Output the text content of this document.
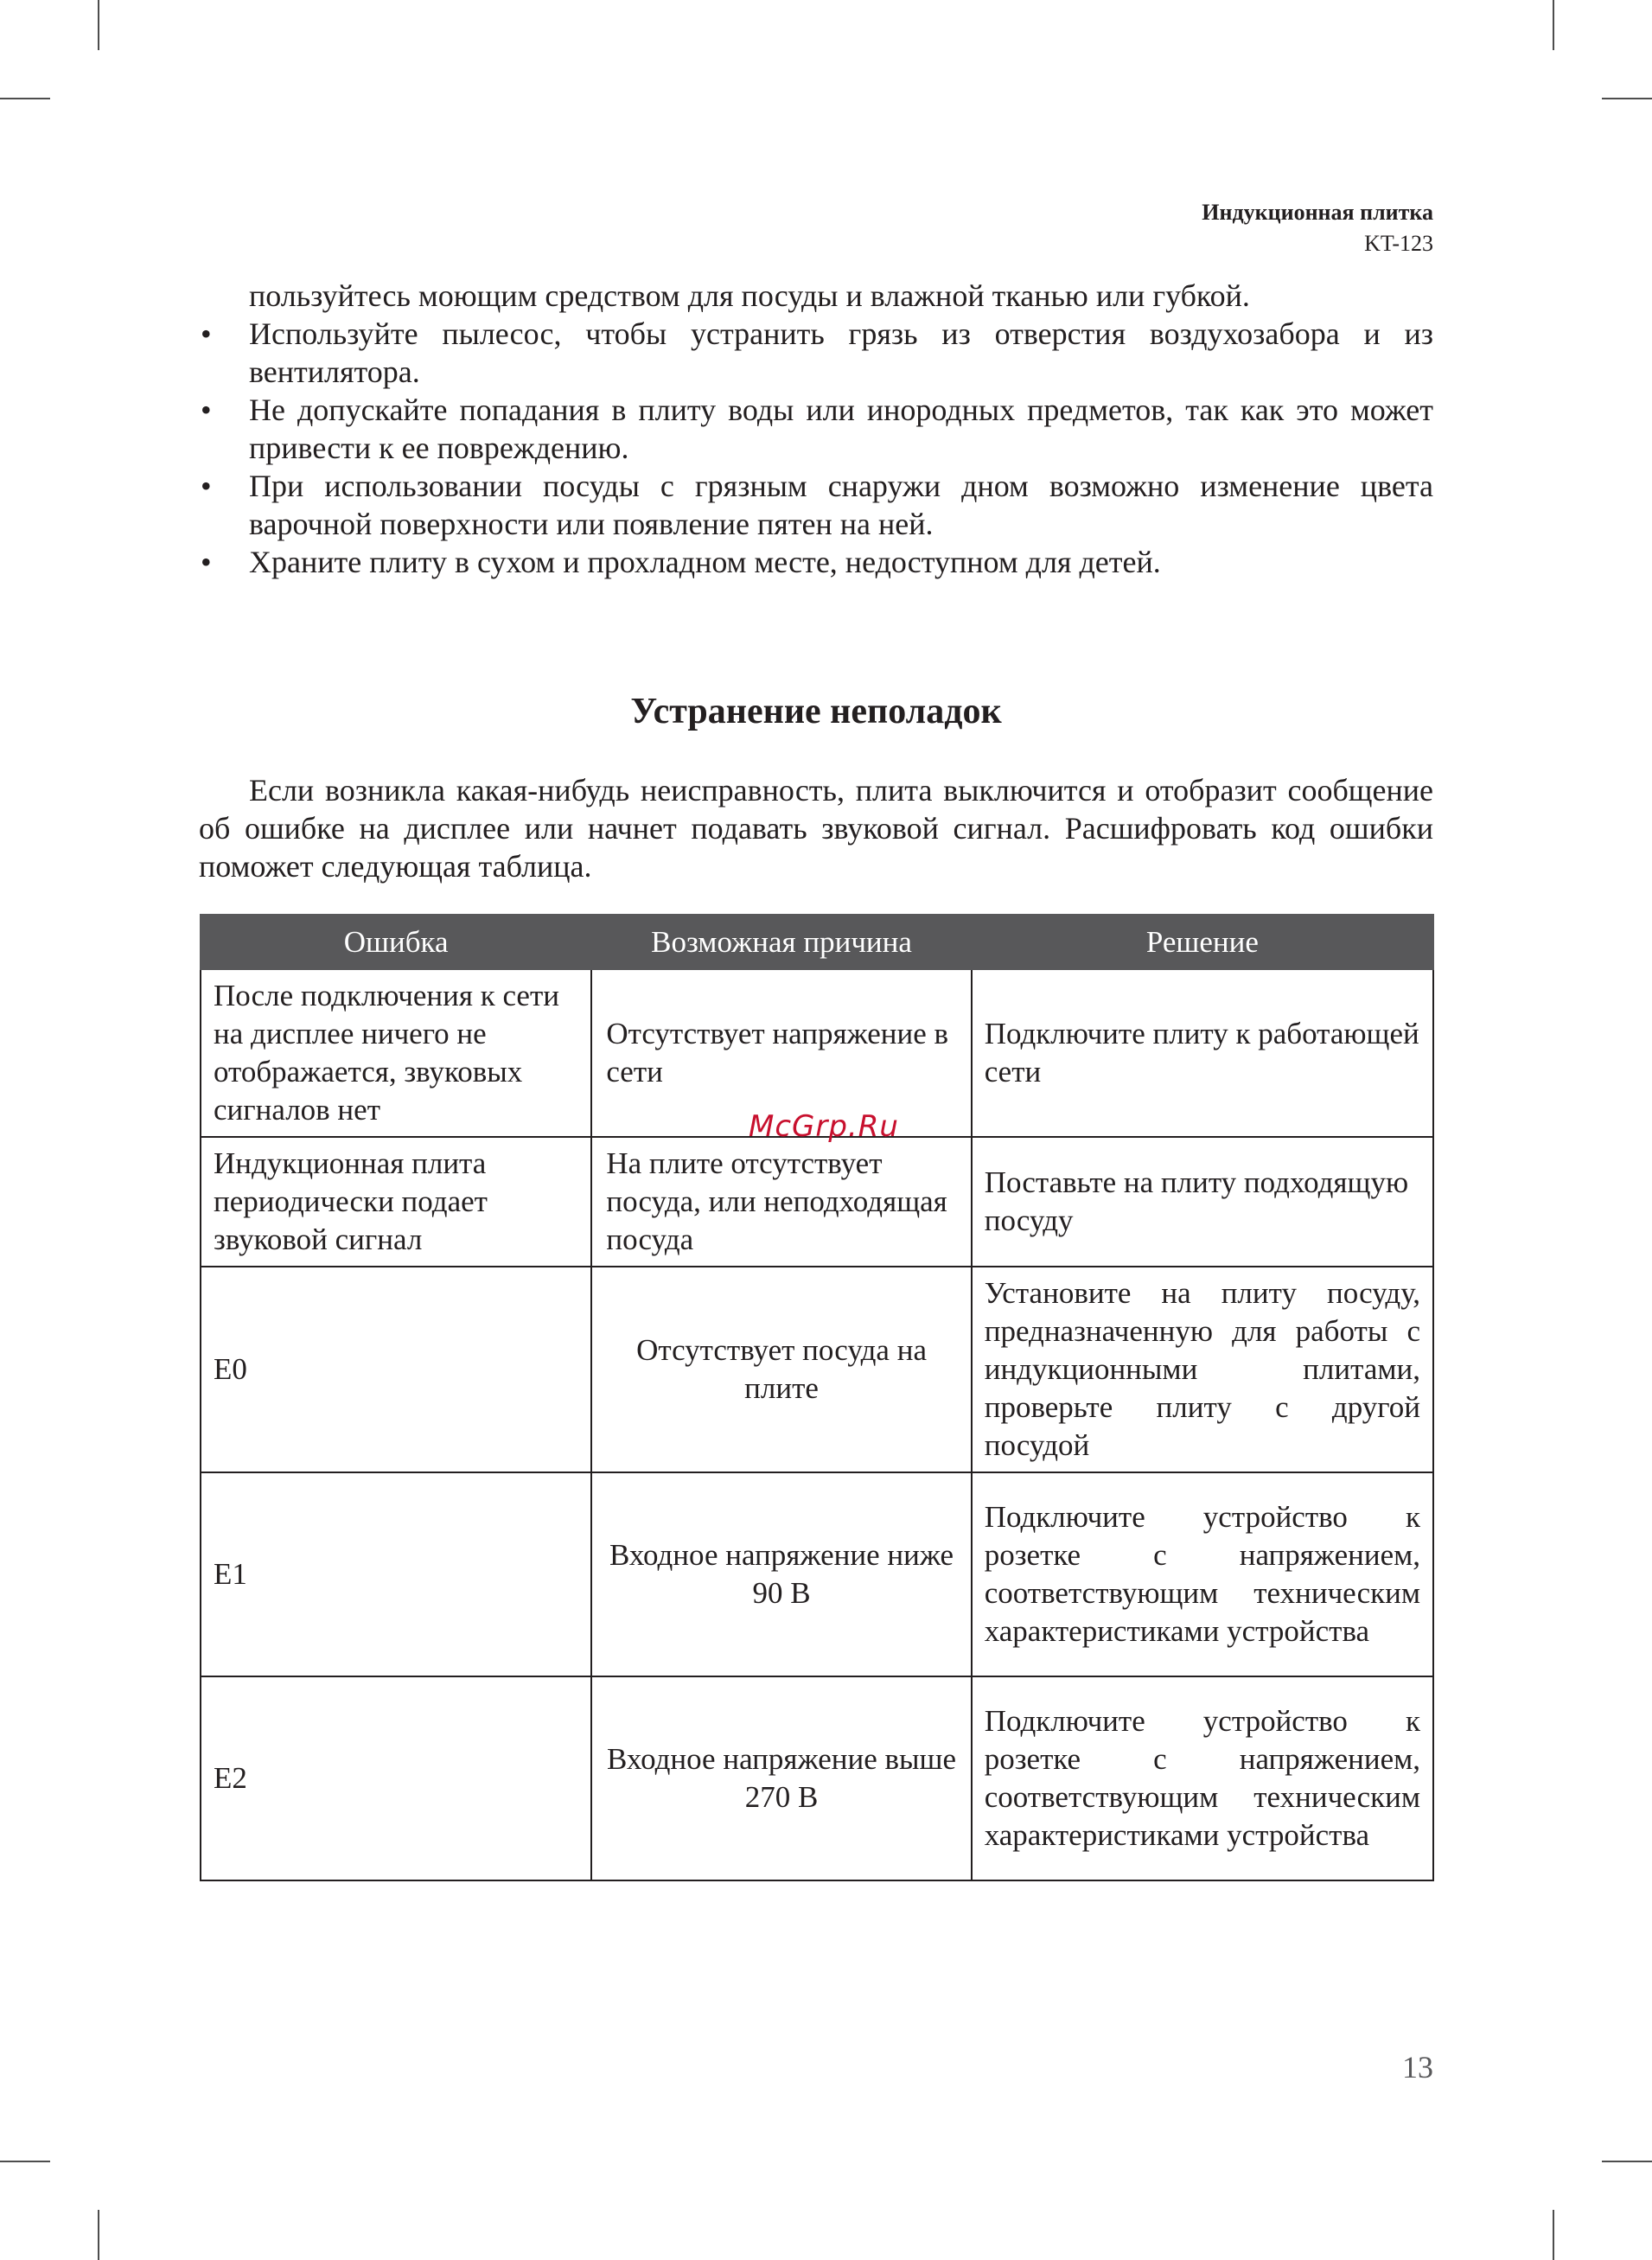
Индукционная плитка
KT-123
пользуйтесь моющим средством для посуды и влажной тканью или губкой.
• Используйте пылесос, чтобы устранить грязь из отверстия воздухозабора и из вентилятора.
• Не допускайте попадания в плиту воды или инородных предметов, так как это может привести к ее повреждению.
• При использовании посуды с грязным снаружи дном возможно изменение цвета варочной поверхности или появление пятен на ней.
• Храните плиту в сухом и прохладном месте, недоступном для детей.
Устранение неполадок
Если возникла какая-нибудь неисправность, плита выключится и отобразит сообщение об ошибке на дисплее или начнет подавать звуковой сигнал. Расшифровать код ошибки поможет следующая таблица.
Ошибка	Возможная причина	Решение
После подключения к сети на дисплее ничего не отображается, звуковых сигналов нет	Отсутствует напряжение в сети	Подключите плиту к работающей сети
Индукционная плита периодически подает звуковой сигнал	На плите отсутствует посуда, или неподходящая посуда	Поставьте на плиту подходящую посуду
E0	Отсутствует посуда на плите	Установите на плиту посуду, предназначенную для работы с индукционными плитами, проверьте плиту с другой посудой
E1	Входное напряжение ниже 90 В	Подключите устройство к розетке с напряжением, соответствующим техническим характеристиками устройства
E2	Входное напряжение выше 270 В	Подключите устройство к розетке с напряжением, соответствующим техническим характеристиками устройства
McGrp.Ru
13
